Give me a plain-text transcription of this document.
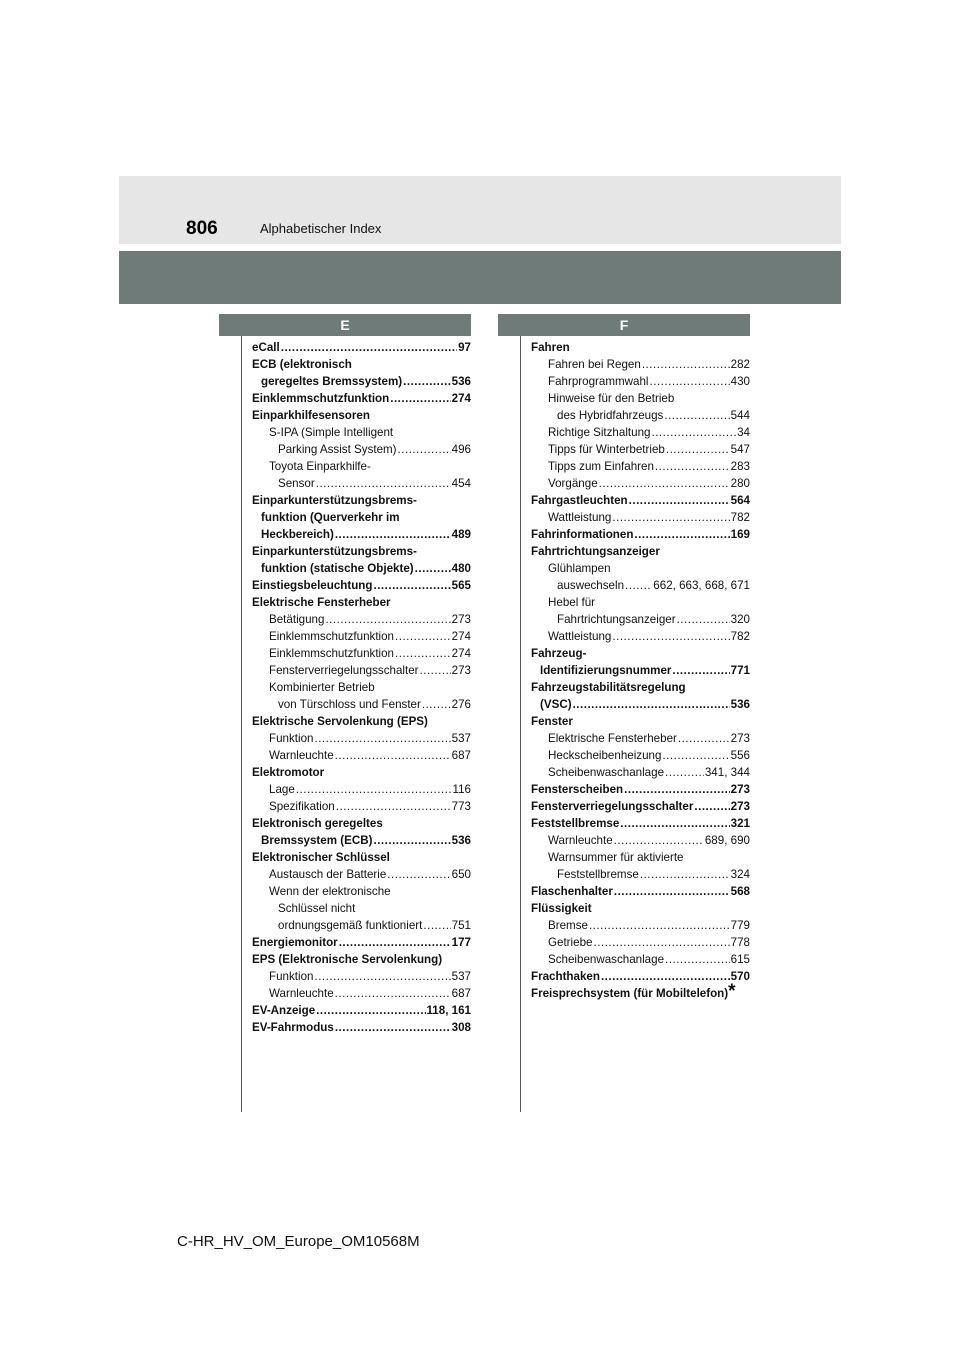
806	Alphabetischer Index
E	F
eCall .....	97
ECB (elektronisch
geregeltes Bremssystem) .....	536
Einklemmschutzfunktion .....	274
Einparkhilfesensoren
S-IPA (Simple Intelligent
Parking Assist System) .....	496
Toyota Einparkhilfe-
Sensor .....	454
Einparkunterstützungsbrems-
funktion (Querverkehr im
Heckbereich) .....	489
Einparkunterstützungsbrems-
funktion (statische Objekte) .....	480
Einstiegsbeleuchtung .....	565
Elektrische Fensterheber
Betätigung .....	273
Einklemmschutzfunktion .....	274
Einklemmschutzfunktion .....	274
Fensterverriegelungsschalter .....	273
Kombinierter Betrieb
von Türschloss und Fenster .....	276
Elektrische Servolenkung (EPS)
Funktion .....	537
Warnleuchte .....	687
Elektromotor
Lage .....	116
Spezifikation .....	773
Elektronisch geregeltes
Bremssystem (ECB) .....	536
Elektronischer Schlüssel
Austausch der Batterie .....	650
Wenn der elektronische
Schlüssel nicht
ordnungsgemäß funktioniert .....	751
Energiemonitor .....	177
EPS (Elektronische Servolenkung)
Funktion .....	537
Warnleuchte .....	687
EV-Anzeige .....	118, 161
EV-Fahrmodus .....	308
Fahren
Fahren bei Regen .....	282
Fahrprogrammwahl .....	430
Hinweise für den Betrieb
des Hybridfahrzeugs .....	544
Richtige Sitzhaltung .....	34
Tipps für Winterbetrieb .....	547
Tipps zum Einfahren .....	283
Vorgänge .....	280
Fahrgastleuchten .....	564
Wattleistung .....	782
Fahrinformationen .....	169
Fahrtrichtungsanzeiger
Glühlampen
auswechseln .....	662, 663, 668, 671
Hebel für
Fahrtrichtungsanzeiger .....	320
Wattleistung .....	782
Fahrzeug-
Identifizierungsnummer .....	771
Fahrzeugstabilitätsregelung
(VSC) .....	536
Fenster
Elektrische Fensterheber .....	273
Heckscheibenheizung .....	556
Scheibenwaschanlage .....	341, 344
Fensterscheiben .....	273
Fensterverriegelungsschalter .....	273
Feststellbremse .....	321
Warnleuchte .....	689, 690
Warnsummer für aktivierte
Feststellbremse .....	324
Flaschenhalter .....	568
Flüssigkeit
Bremse .....	779
Getriebe .....	778
Scheibenwaschanlage .....	615
Frachthaken .....	570
Freisprechsystem (für Mobiltelefon) *
C-HR_HV_OM_Europe_OM10568M
